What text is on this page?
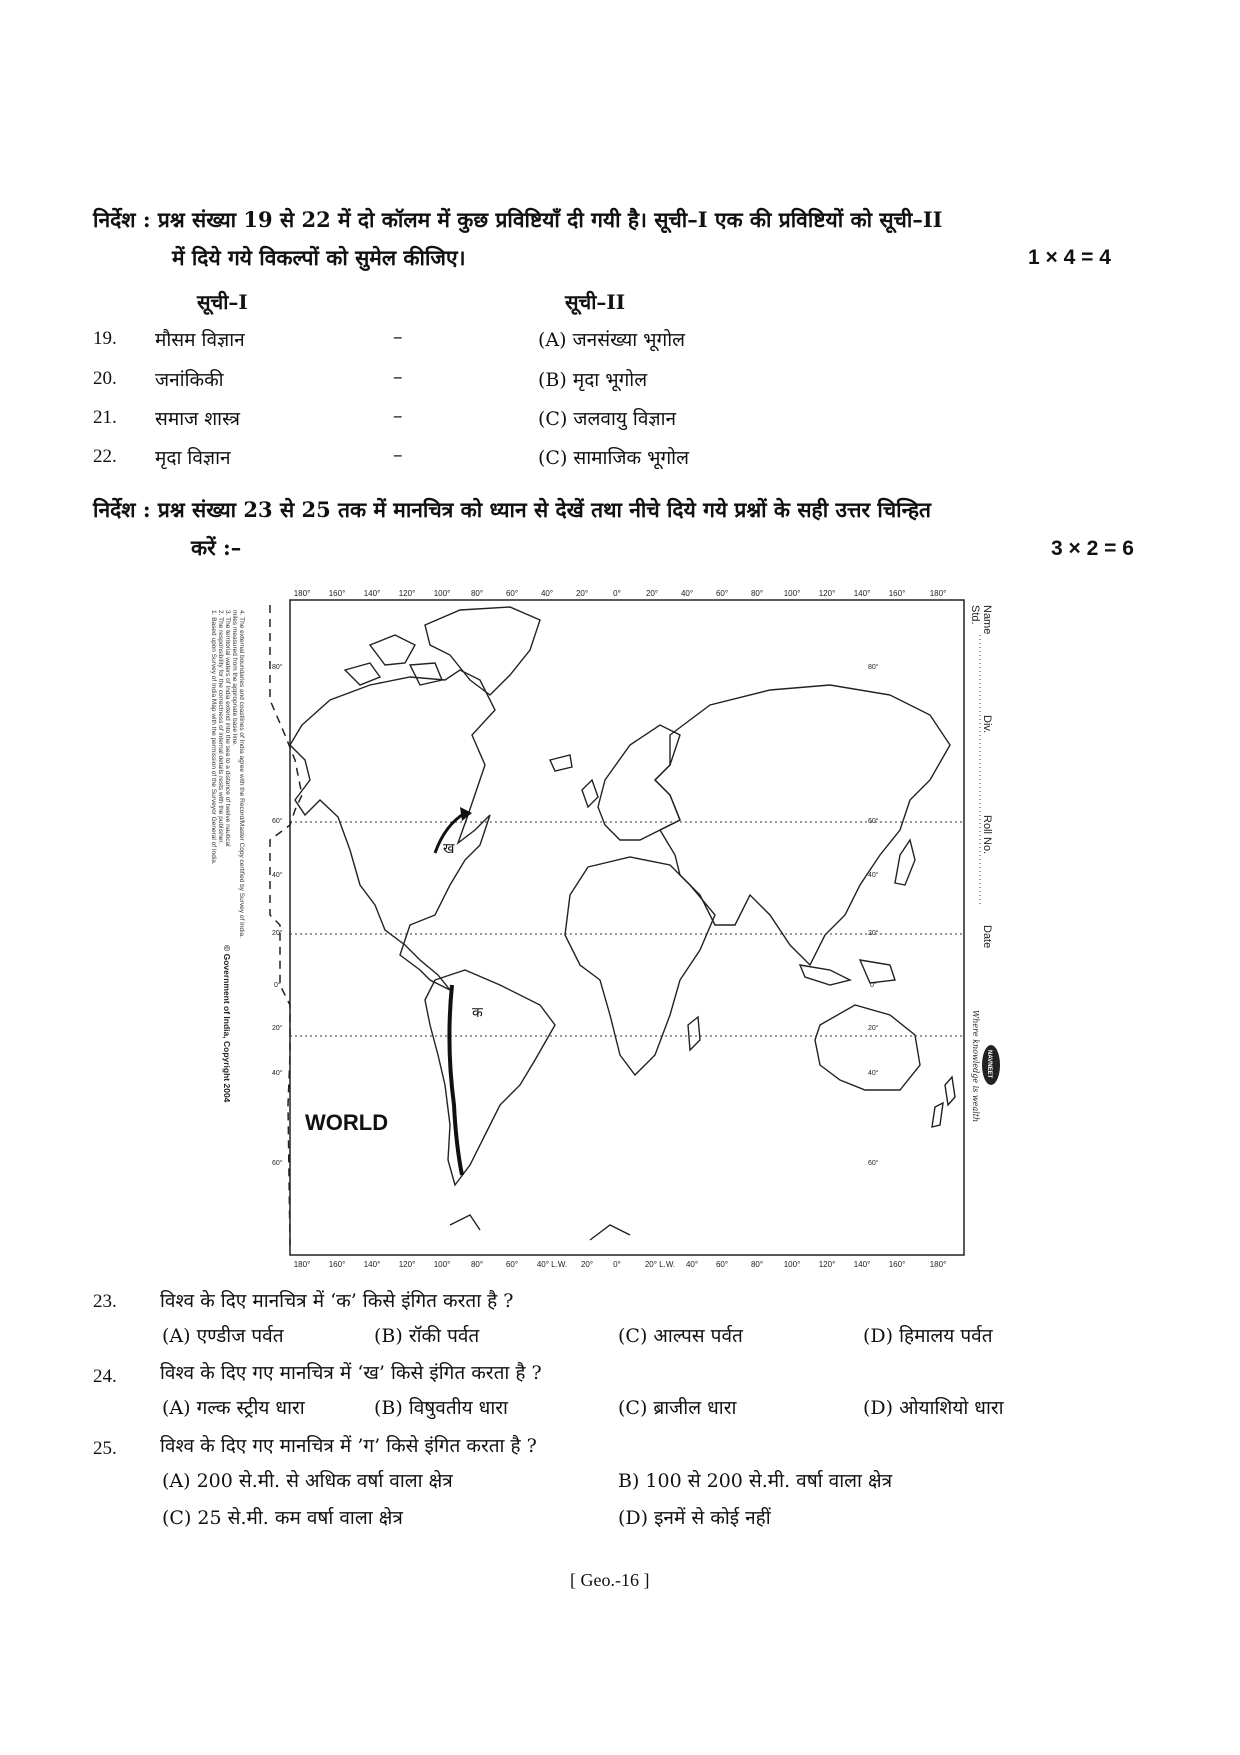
निर्देश : प्रश्न संख्या 19 से 22 में दो कॉलम में कुछ प्रविष्टियाँ दी गयी है। सूची–I एक की प्रविष्टियों को सूची–II
में दिये गये विकल्पों को सुमेल कीजिए।	1 × 4 = 4
सूची–I	सूची–II
19. मौसम विज्ञान	–	(A) जनसंख्या भूगोल
20. जनांकिकी	–	(B) मृदा भूगोल
21. समाज शास्त्र	–	(C) जलवायु विज्ञान
22. मृदा विज्ञान	–	(C) सामाजिक भूगोल
निर्देश : प्रश्न संख्या 23 से 25 तक में मानचित्र को ध्यान से देखें तथा नीचे दिये गये प्रश्नों के सही उत्तर चिन्हित
करें :–	3 × 2 = 6
180° 160° 140° 120° 100°	80°	60°	40°	20°	0°	20°	40°	60°	80°	100° 120° 140° 160°	180°
180° 160° 140° 120° 100°	80°	60° 40° L.W. 20°	0°	20° L.W. 40° 60°	80°	100° 120° 140° 160°	180°
80°
60°
40°
20°
0°
20°
40°
60°
80°
60°
40°
20°
0°
20°
40°
60°
ख
क
WORLD
1. Based upon Survey of India Map with the permission of the Surveyor General of India. 2. The responsibility for the correctness of internal details rests with the publisher. 3. The territorial waters of India extend into the sea to a distance of twelve nautical miles measured from the appropriate base line. 4. The external boundaries and coastlines of India agree with the Record/Master Copy certified by Survey of India.
© Government of India, Copyright 2004
Name
Std.
Div.
Roll No.
Date
NAVNEET
Where knowledge is wealth
23. विश्व के दिए मानचित्र में ‘क’ किसे इंगित करता है ?
(A) एण्डीज पर्वत	(B) रॉकी पर्वत	(C) आल्पस पर्वत	(D) हिमालय पर्वत
24. विश्व के दिए गए मानचित्र में ‘ख’ किसे इंगित करता है ?
(A) गल्क स्ट्रीय धारा	(B) विषुवतीय धारा	(C) ब्राजील धारा	(D) ओयाशियो धारा
25. विश्व के दिए गए मानचित्र में ’ग’ किसे इंगित करता है ?
(A) 200 से.मी. से अधिक वर्षा वाला क्षेत्र	B) 100 से 200 से.मी. वर्षा वाला क्षेत्र
(C) 25 से.मी. कम वर्षा वाला क्षेत्र	(D) इनमें से कोई नहीं
[ Geo.-16 ]
